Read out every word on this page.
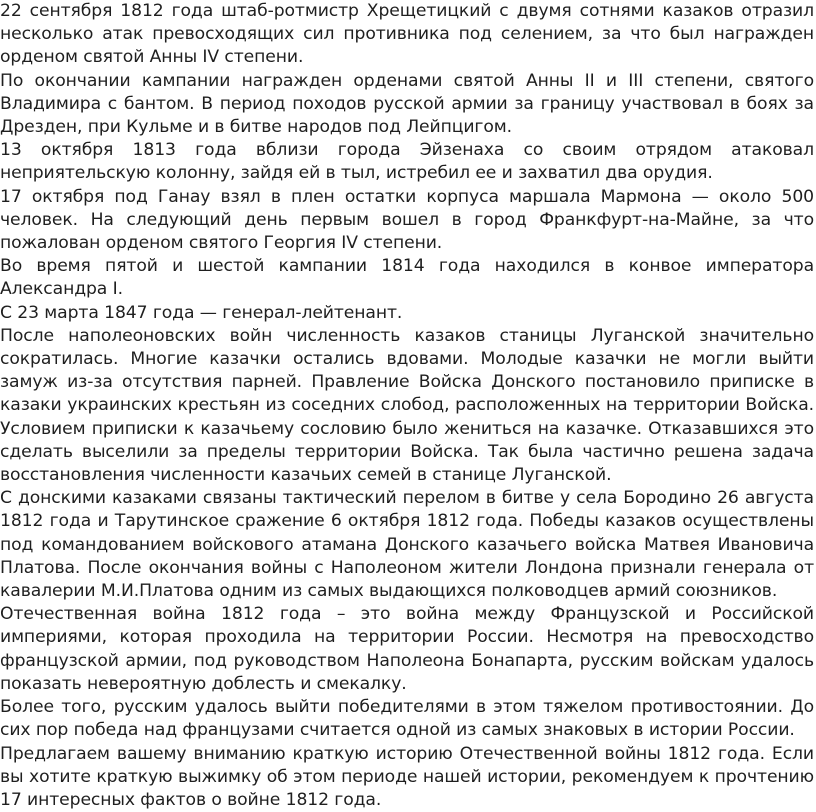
22 сентября 1812 года штаб-ротмистр Хрещетицкий с двумя сотнями казаков отразил несколько атак превосходящих сил противника под селением, за что был награжден орденом святой Анны IV степени.

По окончании кампании награжден орденами святой Анны II и III степени, святого Владимира с бантом. В период походов русской армии за границу участвовал в боях за Дрезден, при Кульме и в битве народов под Лейпцигом.

13 октября 1813 года вблизи города Эйзенаха со своим отрядом атаковал неприятельскую колонну, зайдя ей в тыл, истребил ее и захватил два орудия.

17 октября под Ганау взял в плен остатки корпуса маршала Мармона — около 500 человек. На следующий день первым вошел в город Франкфурт-на-Майне, за что пожалован орденом святого Георгия IV степени.

Во время пятой и шестой кампании 1814 года находился в конвое императора Александра I.

С 23 марта 1847 года — генерал-лейтенант.

После наполеоновских войн численность казаков станицы Луганской значительно сократилась. Многие казачки остались вдовами. Молодые казачки не могли выйти замуж из-за отсутствия парней. Правление Войска Донского постановило приписке в казаки украинских крестьян из соседних слобод, расположенных на территории Войска. Условием приписки к казачьему сословию было жениться на казачке. Отказавшихся это сделать выселили за пределы территории Войска. Так была частично решена задача восстановления численности казачьих семей в станице Луганской.

С донскими казаками связаны тактический перелом в битве у села Бородино 26 августа 1812 года и Тарутинское сражение 6 октября 1812 года. Победы казаков осуществлены под командованием войскового атамана Донского казачьего войска Матвея Ивановича Платова. После окончания войны с Наполеоном жители Лондона признали генерала от кавалерии М.И.Платова одним из самых выдающихся полководцев армий союзников.

Отечественная война 1812 года – это война между Французской и Российской империями, которая проходила на территории России. Несмотря на превосходство французской армии, под руководством Наполеона Бонапарта, русским войскам удалось показать невероятную доблесть и смекалку.

Более того, русским удалось выйти победителями в этом тяжелом противостоянии. До сих пор победа над французами считается одной из самых знаковых в истории России.

Предлагаем вашему вниманию краткую историю Отечественной войны 1812 года. Если вы хотите краткую выжимку об этом периоде нашей истории, рекомендуем к прочтению 17 интересных фактов о войне 1812 года.
